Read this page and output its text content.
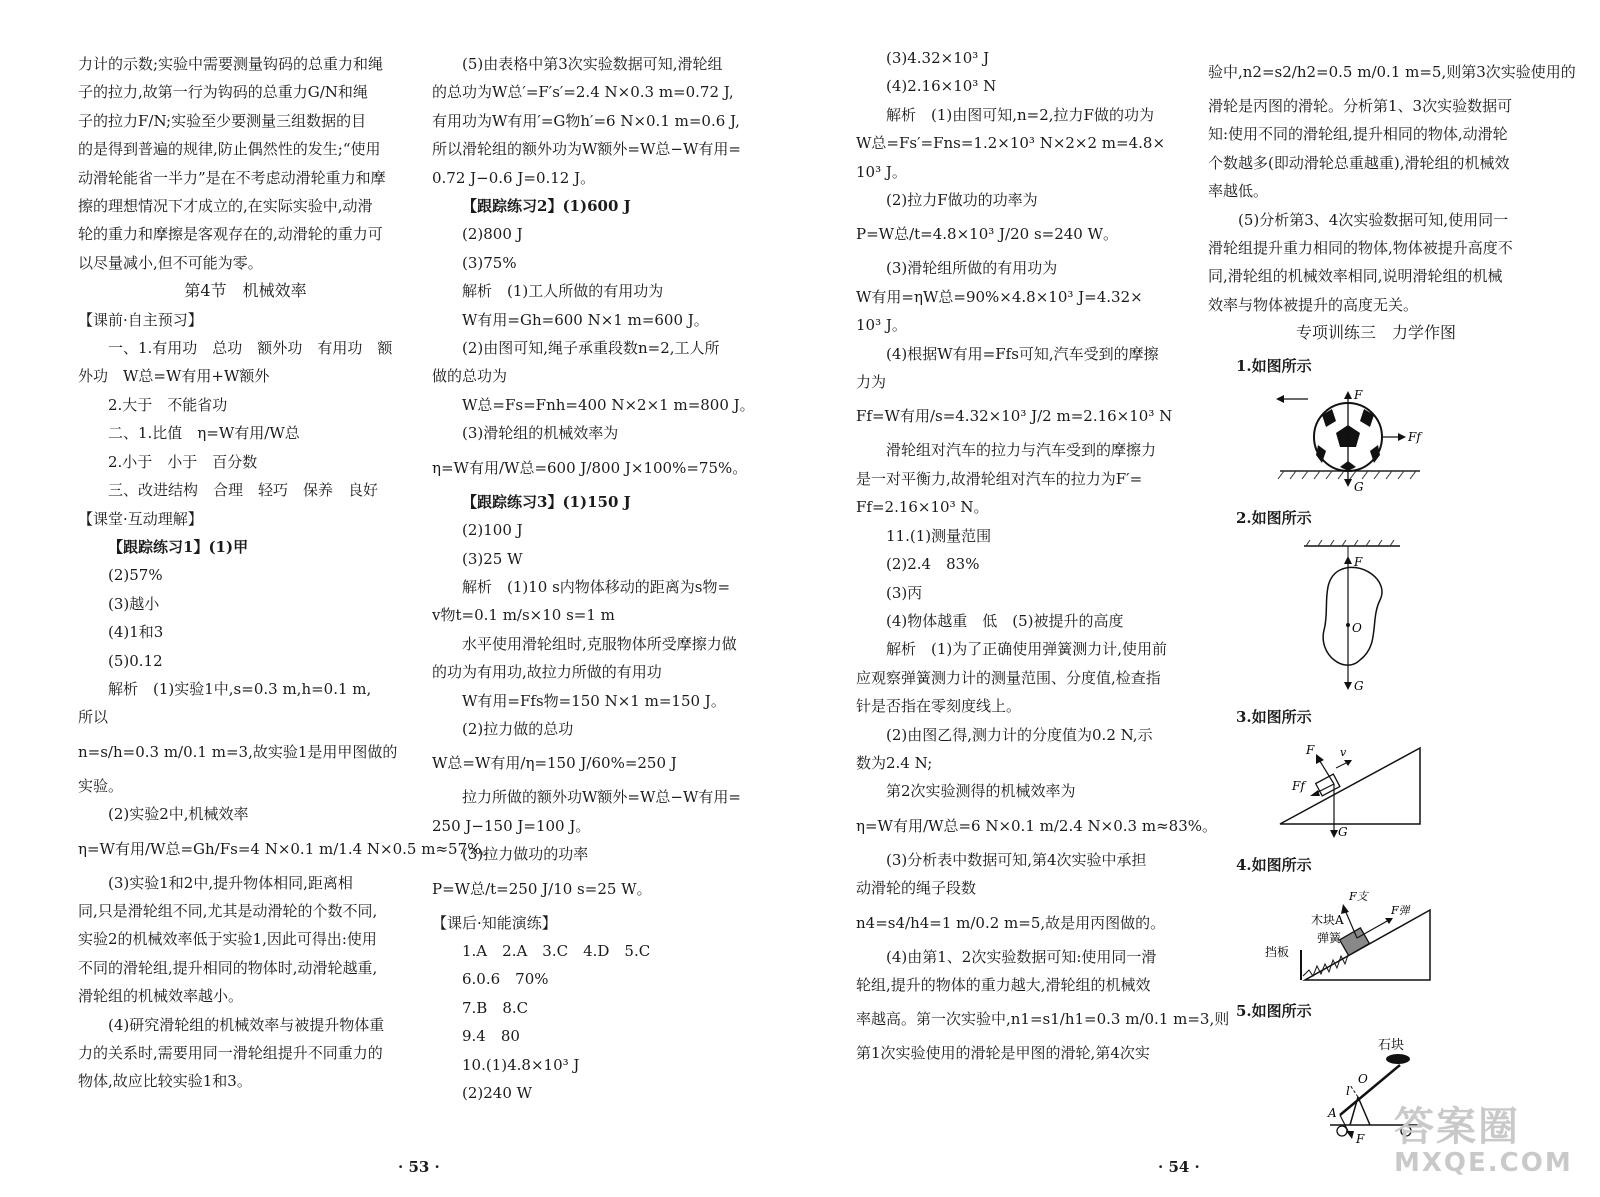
力计的示数;实验中需要测量钩码的总重力和绳
子的拉力,故第一行为钩码的总重力G/N和绳
子的拉力F/N;实验至少要测量三组数据的目
的是得到普遍的规律,防止偶然性的发生;“使用
动滑轮能省一半力”是在不考虑动滑轮重力和摩
擦的理想情况下才成立的,在实际实验中,动滑
轮的重力和摩擦是客观存在的,动滑轮的重力可
以尽量减小,但不可能为零。
第4节　机械效率
【课前·自主预习】
一、1.有用功　总功　额外功　有用功　额
外功　W总=W有用+W额外
2.大于　不能省功
二、1.比值　η=W有用/W总
2.小于　小于　百分数
三、改进结构　合理　轻巧　保养　良好
【课堂·互动理解】
【跟踪练习1】(1)甲
(2)57%
(3)越小
(4)1和3
(5)0.12
解析　(1)实验1中,s=0.3 m,h=0.1 m,
所以
n=s/h=0.3 m/0.1 m=3,故实验1是用甲图做的
实验。
(2)实验2中,机械效率
η=W有用/W总=Gh/Fs=4 N×0.1 m/1.4 N×0.5 m≈57%。
(3)实验1和2中,提升物体相同,距离相
同,只是滑轮组不同,尤其是动滑轮的个数不同,
实验2的机械效率低于实验1,因此可得出:使用
不同的滑轮组,提升相同的物体时,动滑轮越重,
滑轮组的机械效率越小。
(4)研究滑轮组的机械效率与被提升物体重
力的关系时,需要用同一滑轮组提升不同重力的
物体,故应比较实验1和3。
(5)由表格中第3次实验数据可知,滑轮组
的总功为W总′=F′s′=2.4 N×0.3 m=0.72 J,
有用功为W有用′=G物h′=6 N×0.1 m=0.6 J,
所以滑轮组的额外功为W额外=W总−W有用=
0.72 J−0.6 J=0.12 J。
【跟踪练习2】(1)600 J
(2)800 J
(3)75%
解析　(1)工人所做的有用功为
W有用=Gh=600 N×1 m=600 J。
(2)由图可知,绳子承重段数n=2,工人所
做的总功为
W总=Fs=Fnh=400 N×2×1 m=800 J。
(3)滑轮组的机械效率为
η=W有用/W总=600 J/800 J×100%=75%。
【跟踪练习3】(1)150 J
(2)100 J
(3)25 W
解析　(1)10 s内物体移动的距离为s物=
v物t=0.1 m/s×10 s=1 m
水平使用滑轮组时,克服物体所受摩擦力做
的功为有用功,故拉力所做的有用功
W有用=Ffs物=150 N×1 m=150 J。
(2)拉力做的总功
W总=W有用/η=150 J/60%=250 J
拉力所做的额外功W额外=W总−W有用=
250 J−150 J=100 J。
(3)拉力做功的功率
P=W总/t=250 J/10 s=25 W。
【课后·知能演练】
1.A　2.A　3.C　4.D　5.C
6.0.6　70%
7.B　8.C
9.4　80
10.(1)4.8×10³ J
(2)240 W
(3)4.32×10³ J
(4)2.16×10³ N
解析　(1)由图可知,n=2,拉力F做的功为
W总=Fs′=Fns=1.2×10³ N×2×2 m=4.8×
10³ J。
(2)拉力F做功的功率为
P=W总/t=4.8×10³ J/20 s=240 W。
(3)滑轮组所做的有用功为
W有用=ηW总=90%×4.8×10³ J=4.32×
10³ J。
(4)根据W有用=Ffs可知,汽车受到的摩擦
力为
Ff=W有用/s=4.32×10³ J/2 m=2.16×10³ N
滑轮组对汽车的拉力与汽车受到的摩擦力
是一对平衡力,故滑轮组对汽车的拉力为F′=
Ff=2.16×10³ N。
11.(1)测量范围
(2)2.4　83%
(3)丙
(4)物体越重　低　(5)被提升的高度
解析　(1)为了正确使用弹簧测力计,使用前
应观察弹簧测力计的测量范围、分度值,检查指
针是否指在零刻度线上。
(2)由图乙得,测力计的分度值为0.2 N,示
数为2.4 N;
第2次实验测得的机械效率为
η=W有用/W总=6 N×0.1 m/2.4 N×0.3 m≈83%。
(3)分析表中数据可知,第4次实验中承担
动滑轮的绳子段数
n4=s4/h4=1 m/0.2 m=5,故是用丙图做的。
(4)由第1、2次实验数据可知:使用同一滑
轮组,提升的物体的重力越大,滑轮组的机械效
率越高。第一次实验中,n1=s1/h1=0.3 m/0.1 m=3,则
第1次实验使用的滑轮是甲图的滑轮,第4次实
验中,n2=s2/h2=0.5 m/0.1 m=5,则第3次实验使用的
滑轮是丙图的滑轮。分析第1、3次实验数据可
知:使用不同的滑轮组,提升相同的物体,动滑轮
个数越多(即动滑轮总重越重),滑轮组的机械效
率越低。
(5)分析第3、4次实验数据可知,使用同一
滑轮组提升重力相同的物体,物体被提升高度不
同,滑轮组的机械效率相同,说明滑轮组的机械
效率与物体被提升的高度无关。
专项训练三　力学作图
1.如图所示
2.如图所示
3.如图所示
4.如图所示
5.如图所示
F
Ff
G
F
O
G
F v
Ff
G
F支
F弹
木块A
弹簧
挡板
石块
O
l
A
F
· 53 ·	· 54 ·
答案圈
MXQE.COM
